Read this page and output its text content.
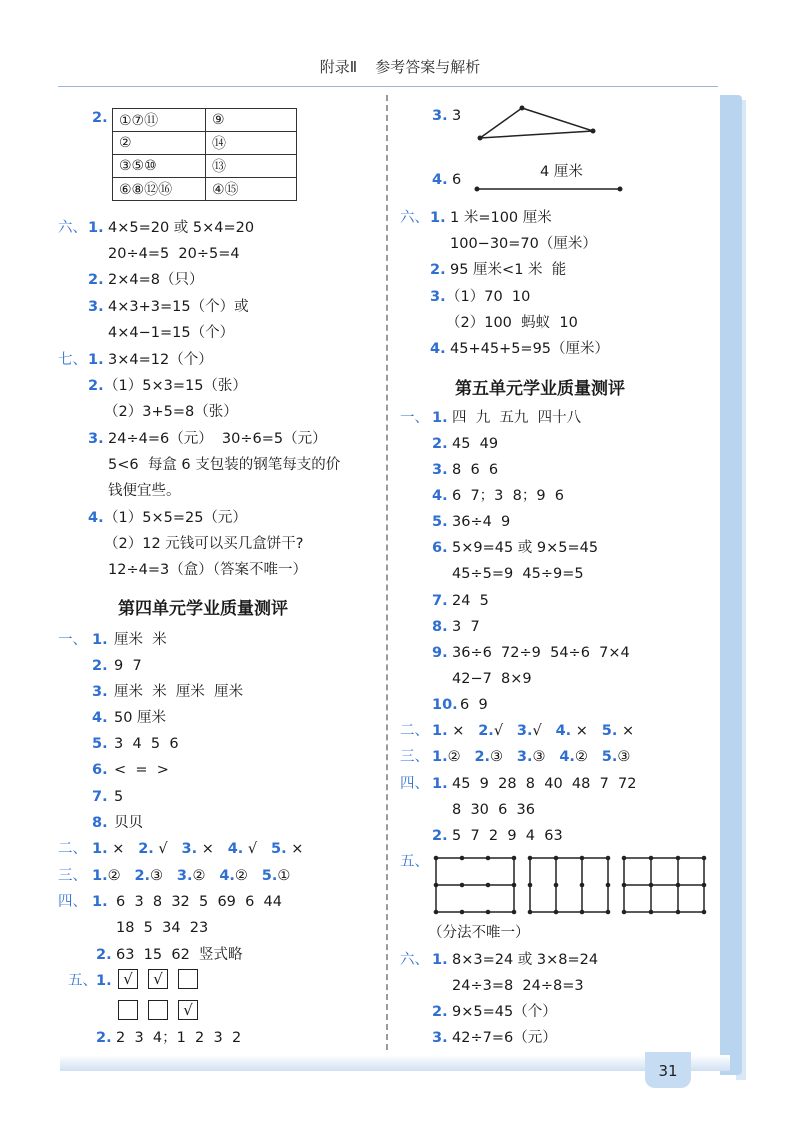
附录Ⅱ 参考答案与解析
2. ①⑦⑪	⑨
②	⑭
③⑤⑩	⑬
⑥⑧⑫⑯	④⑮
六、 1. 4×5=20 或 5×4=20
20÷4=5  20÷5=4
2. 2×4=8（只）
3. 4×3+3=15（个）或
4×4−1=15（个）
七、 1. 3×4=12（个）
2. （1）5×3=15（张）
（2）3+5=8（张）
3. 24÷4=6（元）  30÷6=5（元）
5<6  每盒 6 支包装的钢笔每支的价
钱便宜些。
4. （1）5×5=25（元）
（2）12 元钱可以买几盒饼干?
12÷4=3（盒）（答案不唯一）
第四单元学业质量测评
一、 1. 厘米  米
2. 9  7
3. 厘米  米  厘米  厘米
4. 50 厘米
5. 3  4  5  6
6. <  =  >
7. 5
8. 贝贝
二、 1. × 2. √ 3. × 4. √ 5. ×
三、 1.② 2.③ 3.② 4.② 5.①
四、 1. 6  3  8  32  5  69  6  44
18  5  34  23
2. 63  15  62  竖式略
五、 1. √ √
√
2. 2  3  4；1  2  3  2
3. 3
4. 6	4 厘米
六、 1. 1 米=100 厘米
100−30=70（厘米）
2. 95 厘米<1 米  能
3. （1）70  10
（2）100  蚂蚁  10
4. 45+45+5=95（厘米）
第五单元学业质量测评
一、 1. 四  九  五九  四十八
2. 45  49
3. 8  6  6
4. 6  7；3  8；9  6
5. 36÷4  9
6. 5×9=45 或 9×5=45
45÷5=9  45÷9=5
7. 24  5
8. 3  7
9. 36÷6  72÷9  54÷6  7×4
42−7  8×9
10. 6  9
二、 1. × 2.√ 3.√ 4. × 5. ×
三、 1.② 2.③ 3.③ 4.② 5.③
四、 1. 45  9  28  8  40  48  7  72
8  30  6  36
2. 5  7  2  9  4  63
五、
（分法不唯一）
六、 1. 8×3=24 或 3×8=24
24÷3=8  24÷8=3
2. 9×5=45（个）
3. 42÷7=6（元）
31
